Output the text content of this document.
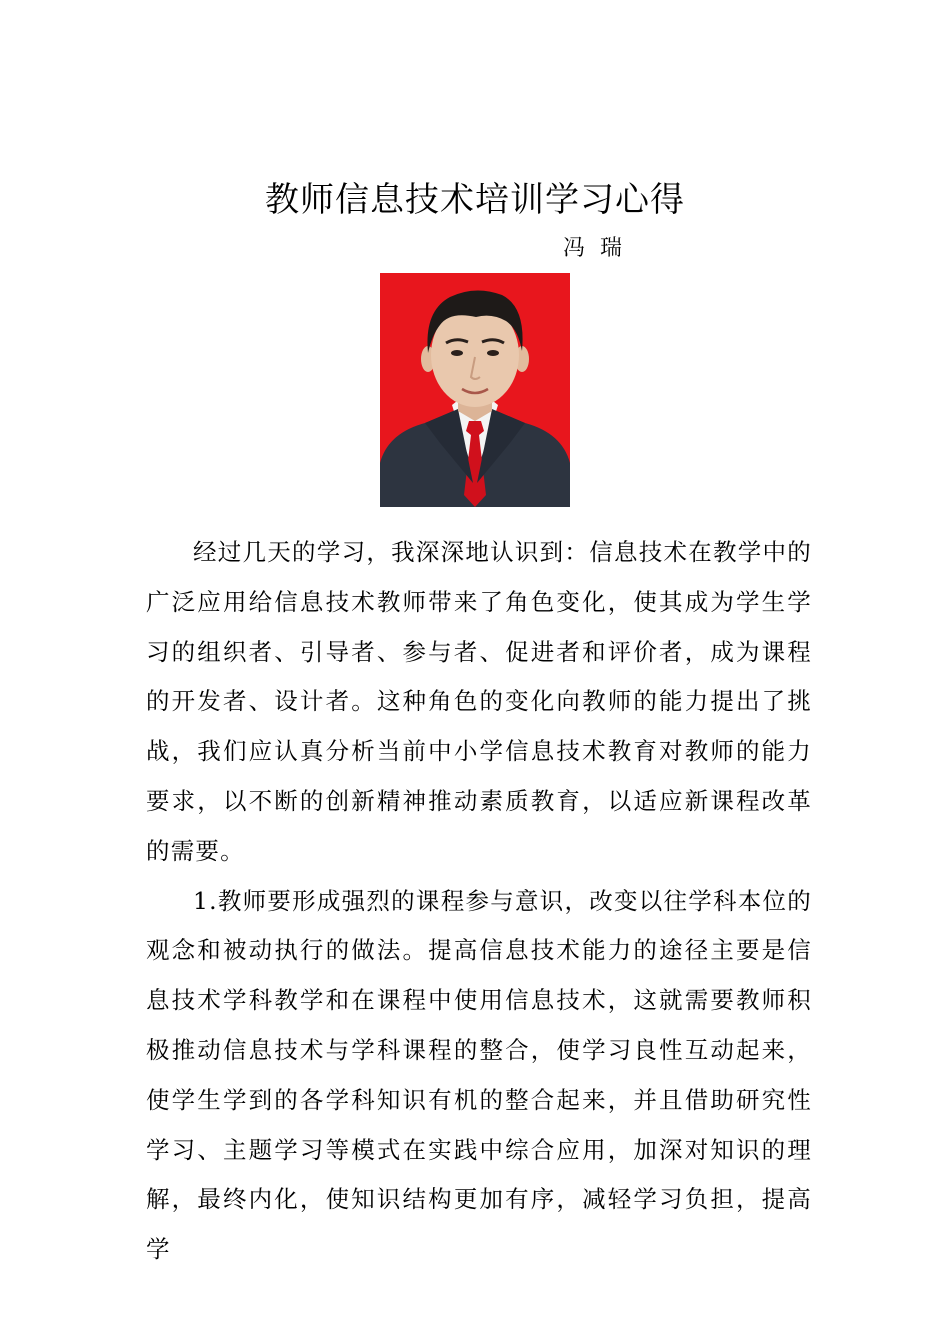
教师信息技术培训学习心得
冯 瑞

经过几天的学习，我深深地认识到：信息技术在教学中的广泛应用给信息技术教师带来了角色变化，使其成为学生学习的组织者、引导者、参与者、促进者和评价者，成为课程的开发者、设计者。这种角色的变化向教师的能力提出了挑战，我们应认真分析当前中小学信息技术教育对教师的能力要求，以不断的创新精神推动素质教育，以适应新课程改革的需要。

1.教师要形成强烈的课程参与意识，改变以往学科本位的观念和被动执行的做法。提高信息技术能力的途径主要是信息技术学科教学和在课程中使用信息技术，这就需要教师积极推动信息技术与学科课程的整合，使学习良性互动起来，使学生学到的各学科知识有机的整合起来，并且借助研究性学习、主题学习等模式在实践中综合应用，加深对知识的理解，最终内化，使知识结构更加有序，减轻学习负担，提高学
